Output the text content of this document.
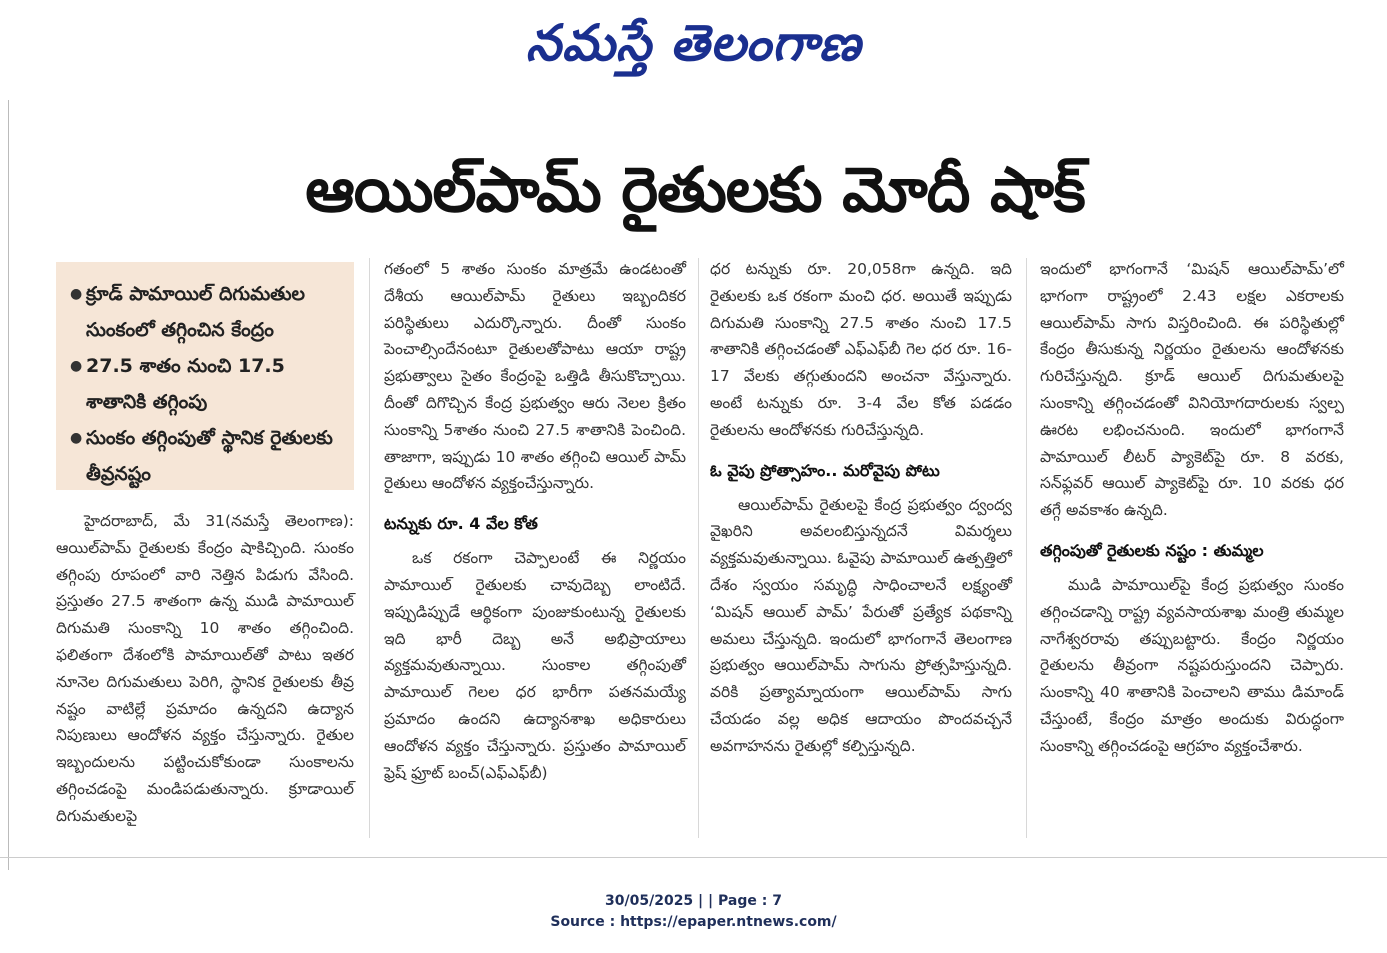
నమస్తే తెలంగాణ
ఆయిల్‌పామ్‌ రైతులకు మోదీ షాక్‌
● క్రూడ్‌ పామాయిల్‌ దిగుమతుల సుంకంలో తగ్గించిన కేంద్రం
● 27.5 శాతం నుంచి 17.5 శాతానికి తగ్గింపు
● సుంకం తగ్గింపుతో స్థానిక రైతులకు తీవ్రనష్టం

హైదరాబాద్‌, మే 31(నమస్తే తెలంగాణ): ఆయిల్‌పామ్‌ రైతులకు కేంద్రం షాకిచ్చింది. సుంకం తగ్గింపు రూపంలో వారి నెత్తిన పిడుగు వేసింది. ప్రస్తుతం 27.5 శాతంగా ఉన్న ముడి పామాయిల్‌ దిగుమతి సుంకాన్ని 10 శాతం తగ్గించింది. ఫలితంగా దేశంలోకి పామాయిల్‌తో పాటు ఇతర నూనెల దిగుమతులు పెరిగి, స్థానిక రైతులకు తీవ్ర నష్టం వాటిల్లే ప్రమాదం ఉన్నదని ఉద్యాన నిపుణులు ఆందోళన వ్యక్తం చేస్తున్నారు. రైతుల ఇబ్బందులను పట్టించుకోకుండా సుంకాలను తగ్గించడంపై మండిపడుతున్నారు. క్రూడాయిల్‌ దిగుమతులపై

గతంలో 5 శాతం సుంకం మాత్రమే ఉండటంతో దేశీయ ఆయిల్‌పామ్‌ రైతులు ఇబ్బందికర పరిస్థితులు ఎదుర్కొన్నారు. దీంతో సుంకం పెంచాల్సిందేనంటూ రైతులతోపాటు ఆయా రాష్ట్ర ప్రభుత్వాలు సైతం కేంద్రంపై ఒత్తిడి తీసుకొచ్చాయి. దీంతో దిగొచ్చిన కేంద్ర ప్రభుత్వం ఆరు నెలల క్రితం సుంకాన్ని 5శాతం నుంచి 27.5 శాతానికి పెంచింది. తాజాగా, ఇప్పుడు 10 శాతం తగ్గించి ఆయిల్‌ పామ్‌ రైతులు ఆందోళన వ్యక్తంచేస్తున్నారు.

టన్నుకు రూ. 4 వేల కోత

ఒక రకంగా చెప్పాలంటే ఈ నిర్ణయం పామాయిల్‌ రైతులకు చావుదెబ్బ లాంటిదే. ఇప్పుడిప్పుడే ఆర్థికంగా పుంజుకుంటున్న రైతులకు ఇది భారీ దెబ్బ అనే అభిప్రాయాలు వ్యక్తమవుతున్నాయి. సుంకాల తగ్గింపుతో పామాయిల్‌ గెలల ధర భారీగా పతనమయ్యే ప్రమాదం ఉందని ఉద్యానశాఖ అధికారులు ఆందోళన వ్యక్తం చేస్తున్నారు. ప్రస్తుతం పామాయిల్‌ ఫ్రెష్‌ ఫ్రూట్‌ బంచ్‌(ఎఫ్‌ఎఫ్‌బీ)

ధర టన్నుకు రూ. 20,058గా ఉన్నది. ఇది రైతులకు ఒక రకంగా మంచి ధర. అయితే ఇప్పుడు దిగుమతి సుంకాన్ని 27.5 శాతం నుంచి 17.5 శాతానికి తగ్గించడంతో ఎఫ్‌ఎఫ్‌బీ గెల ధర రూ. 16-17 వేలకు తగ్గుతుందని అంచనా వేస్తున్నారు. అంటే టన్నుకు రూ. 3-4 వేల కోత పడడం రైతులను ఆందోళనకు గురిచేస్తున్నది.

ఓ వైపు ప్రోత్సాహం.. మరోవైపు పోటు

ఆయిల్‌పామ్‌ రైతులపై కేంద్ర ప్రభుత్వం ద్వంద్వ వైఖరిని అవలంబిస్తున్నదనే విమర్శలు వ్యక్తమవుతున్నాయి. ఓవైపు పామాయిల్‌ ఉత్పత్తిలో దేశం స్వయం సమృద్ధి సాధించాలనే లక్ష్యంతో ‘మిషన్‌ ఆయిల్‌ పామ్‌’ పేరుతో ప్రత్యేక పథకాన్ని అమలు చేస్తున్నది. ఇందులో భాగంగానే తెలంగాణ ప్రభుత్వం ఆయిల్‌పామ్‌ సాగును ప్రోత్సహిస్తున్నది. వరికి ప్రత్యామ్నాయంగా ఆయిల్‌పామ్‌ సాగు చేయడం వల్ల అధిక ఆదాయం పొందవచ్చనే అవగాహనను రైతుల్లో కల్పిస్తున్నది.

ఇందులో భాగంగానే ‘మిషన్‌ ఆయిల్‌పామ్‌’లో భాగంగా రాష్ట్రంలో 2.43 లక్షల ఎకరాలకు ఆయిల్‌పామ్‌ సాగు విస్తరించింది. ఈ పరిస్థితుల్లో కేంద్రం తీసుకున్న నిర్ణయం రైతులను ఆందోళనకు గురిచేస్తున్నది. క్రూడ్‌ ఆయిల్‌ దిగుమతులపై సుంకాన్ని తగ్గించడంతో వినియోగదారులకు స్వల్ప ఊరట లభించనుంది. ఇందులో భాగంగానే పామాయిల్‌ లీటర్‌ ప్యాకెట్‌పై రూ. 8 వరకు, సన్‌ఫ్లవర్‌ ఆయిల్‌ ప్యాకెట్‌పై రూ. 10 వరకు ధర తగ్గే అవకాశం ఉన్నది.

తగ్గింపుతో రైతులకు నష్టం : తుమ్మల

ముడి పామాయిల్‌పై కేంద్ర ప్రభుత్వం సుంకం తగ్గించడాన్ని రాష్ట్ర వ్యవసాయశాఖ మంత్రి తుమ్మల నాగేశ్వరరావు తప్పుబట్టారు. కేంద్రం నిర్ణయం రైతులను తీవ్రంగా నష్టపరుస్తుందని చెప్పారు. సుంకాన్ని 40 శాతానికి పెంచాలని తాము డిమాండ్‌ చేస్తుంటే, కేంద్రం మాత్రం అందుకు విరుద్ధంగా సుంకాన్ని తగ్గించడంపై ఆగ్రహం వ్యక్తంచేశారు.

30/05/2025 | | Page : 7
Source : https://epaper.ntnews.com/
